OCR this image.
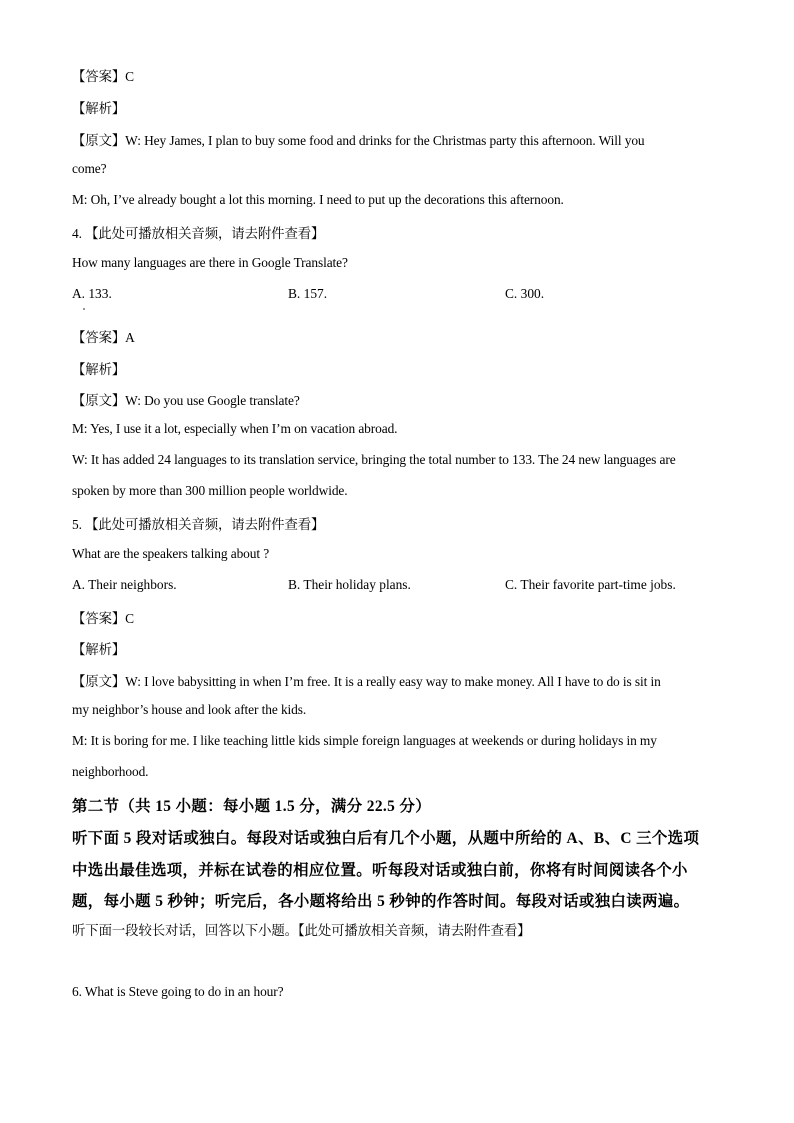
【答案】C
【解析】
【原文】W: Hey James, I plan to buy some food and drinks for the Christmas party this afternoon. Will you
come?
M: Oh, I’ve already bought a lot this morning. I need to put up the decorations this afternoon.
4. 【此处可播放相关音频，请去附件查看】
How many languages are there in Google Translate?
A. 133.	B. 157.	C. 300.
【答案】A
【解析】
【原文】W: Do you use Google translate?
M: Yes, I use it a lot, especially when I’m on vacation abroad.
W: It has added 24 languages to its translation service, bringing the total number to 133. The 24 new languages are
spoken by more than 300 million people worldwide.
5. 【此处可播放相关音频，请去附件查看】
What are the speakers talking about ?
A. Their neighbors.	B. Their holiday plans.	C. Their favorite part-time jobs.
【答案】C
【解析】
【原文】W: I love babysitting in when I’m free. It is a really easy way to make money. All I have to do is sit in
my neighbor’s house and look after the kids.
M: It is boring for me. I like teaching little kids simple foreign languages at weekends or during holidays in my
neighborhood.
第二节（共 15 小题：每小题 1.5 分，满分 22.5 分）
听下面 5 段对话或独白。每段对话或独白后有几个小题，从题中所给的 A、B、C 三个选项
中选出最佳选项，并标在试卷的相应位置。听每段对话或独白前，你将有时间阅读各个小
题，每小题 5 秒钟；听完后，各小题将给出 5 秒钟的作答时间。每段对话或独白读两遍。
听下面一段较长对话，回答以下小题。【此处可播放相关音频，请去附件查看】
6. What is Steve going to do in an hour?
